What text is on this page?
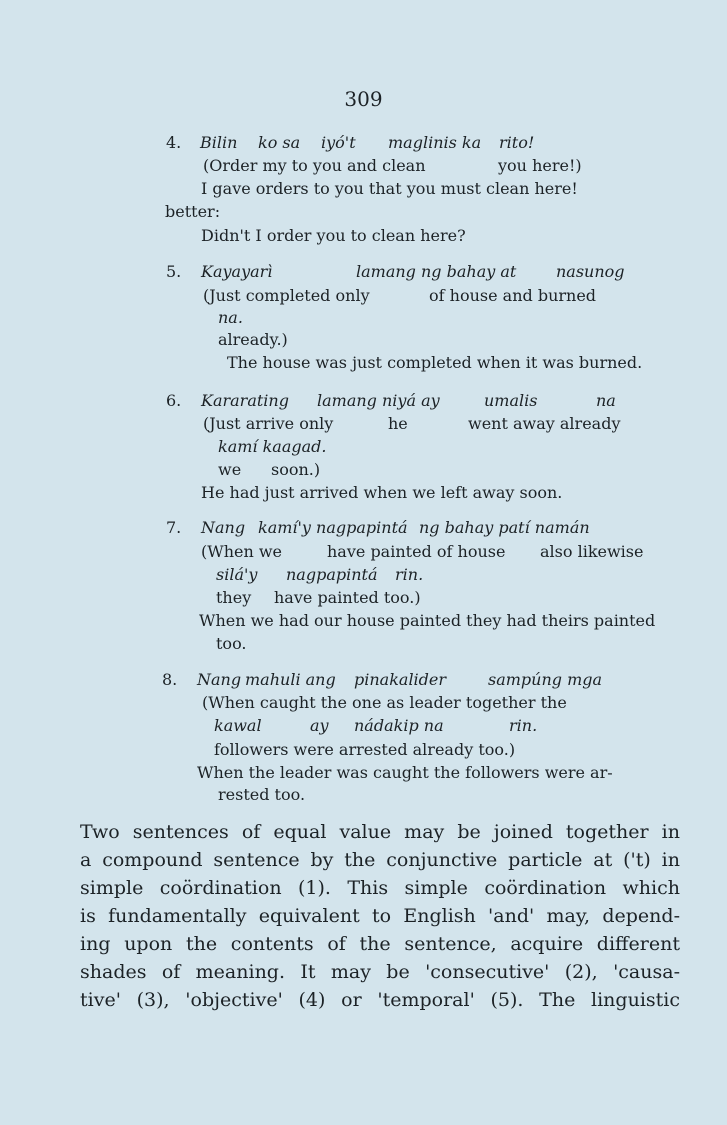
309
4. Bilin ko sa iyó't maglinis ka rito!
(Order my to you and clean	you here!)
I gave orders to you that you must clean here!
better:
Didn't I order you to clean here?
5. Kayayarì	lamang ng bahay at nasunog
(Just completed only	of house and burned
na.
already.)
The house was just completed when it was burned.
6. Kararating lamang niyá ay	umalis	na
(Just arrive only	he	went away already
kamí kaagad.
we soon.)
He had just arrived when we left away soon.
7. Nang kamí'y nagpapintá ng bahay patí namán
(When we	have painted of house also likewise
silá'y nagpapintá rin.
they have painted too.)
When we had our house painted they had theirs painted
too.
8. Nang mahuli ang pinakalider	sampúng mga
(When caught the one as leader together the
kawal	ay nádakip na	rin.
followers were arrested already too.)
When the leader was caught the followers were ar-
rested too.
Two sentences of equal value may be joined together in
a compound sentence by the conjunctive particle at ('t) in
simple coördination (1). This simple coördination which
is fundamentally equivalent to English 'and' may, depend-
ing upon the contents of the sentence, acquire different
shades of meaning. It may be 'consecutive' (2), 'causa-
tive' (3), 'objective' (4) or 'temporal' (5). The linguistic
